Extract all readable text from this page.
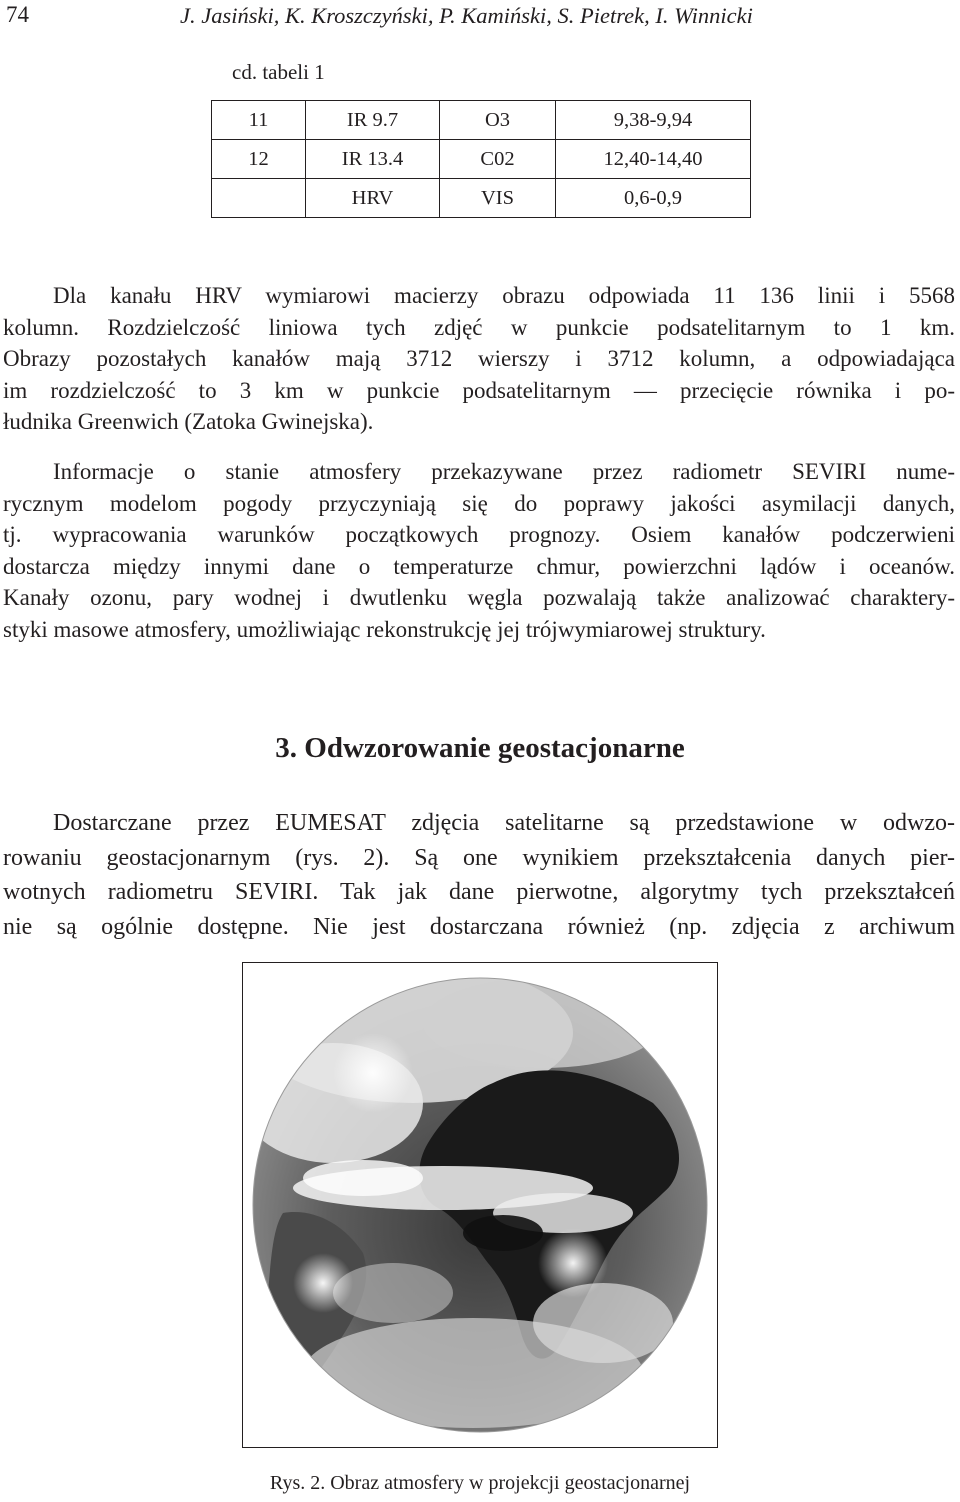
74	J. Jasiński, K. Kroszczyński, P. Kamiński, S. Pietrek, I. Winnicki
cd. tabeli 1
11	IR 9.7	O3	9,38-9,94
12	IR 13.4	C02	12,40-14,40
	HRV	VIS	0,6-0,9
Dla kanału HRV wymiarowi macierzy obrazu odpowiada 11 136 linii i 5568
kolumn. Rozdzielczość liniowa tych zdjęć w punkcie podsatelitarnym to 1 km.
Obrazy pozostałych kanałów mają 3712 wierszy i 3712 kolumn, a odpowiadająca
im rozdzielczość to 3 km w punkcie podsatelitarnym — przecięcie równika i po-
łudnika Greenwich (Zatoka Gwinejska).
Informacje o stanie atmosfery przekazywane przez radiometr SEVIRI nume-
rycznym modelom pogody przyczyniają się do poprawy jakości asymilacji danych,
tj. wypracowania warunków początkowych prognozy. Osiem kanałów podczerwieni
dostarcza między innymi dane o temperaturze chmur, powierzchni lądów i oceanów.
Kanały ozonu, pary wodnej i dwutlenku węgla pozwalają także analizować charaktery-
styki masowe atmosfery, umożliwiając rekonstrukcję jej trójwymiarowej struktury.
3. Odwzorowanie geostacjonarne
Dostarczane przez EUMESAT zdjęcia satelitarne są przedstawione w odwzo-
rowaniu geostacjonarnym (rys. 2). Są one wynikiem przekształcenia danych pier-
wotnych radiometru SEVIRI. Tak jak dane pierwotne, algorytmy tych przekształceń
nie są ogólnie dostępne. Nie jest dostarczana również (np. zdjęcia z archiwum
Rys. 2. Obraz atmosfery w projekcji geostacjonarnej
